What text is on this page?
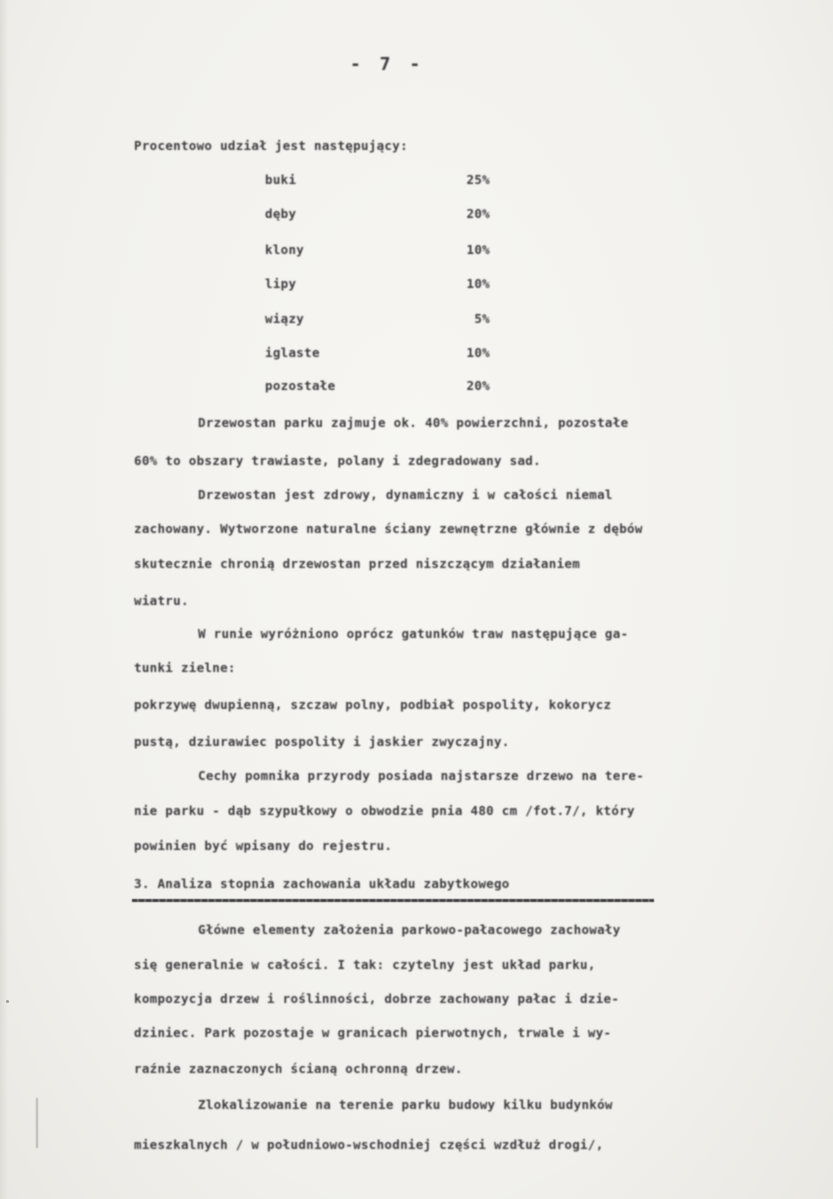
- 7 -
Procentowo udział jest następujący:
buki	25%
dęby	20%
klony	10%
lipy	10%
wiązy	5%
iglaste	10%
pozostałe	20%
Drzewostan parku zajmuje ok. 40% powierzchni, pozostałe
60% to obszary trawiaste, polany i zdegradowany sad.
Drzewostan jest zdrowy, dynamiczny i w całości niemal
zachowany. Wytworzone naturalne ściany zewnętrzne głównie z dębów
skutecznie chronią drzewostan przed niszczącym działaniem
wiatru.
W runie wyróżniono oprócz gatunków traw następujące ga-
tunki zielne:
pokrzywę dwupienną, szczaw polny, podbiał pospolity, kokorycz
pustą, dziurawiec pospolity i jaskier zwyczajny.
Cechy pomnika przyrody posiada najstarsze drzewo na tere-
nie parku - dąb szypułkowy o obwodzie pnia 480 cm /fot.7/, który
powinien być wpisany do rejestru.
3. Analiza stopnia zachowania układu zabytkowego
Główne elementy założenia parkowo-pałacowego zachowały
się generalnie w całości. I tak: czytelny jest układ parku,
kompozycja drzew i roślinności, dobrze zachowany pałac i dzie-
dziniec. Park pozostaje w granicach pierwotnych, trwale i wy-
raźnie zaznaczonych ścianą ochronną drzew.
Zlokalizowanie na terenie parku budowy kilku budynków
mieszkalnych / w południowo-wschodniej części wzdłuż drogi/,
